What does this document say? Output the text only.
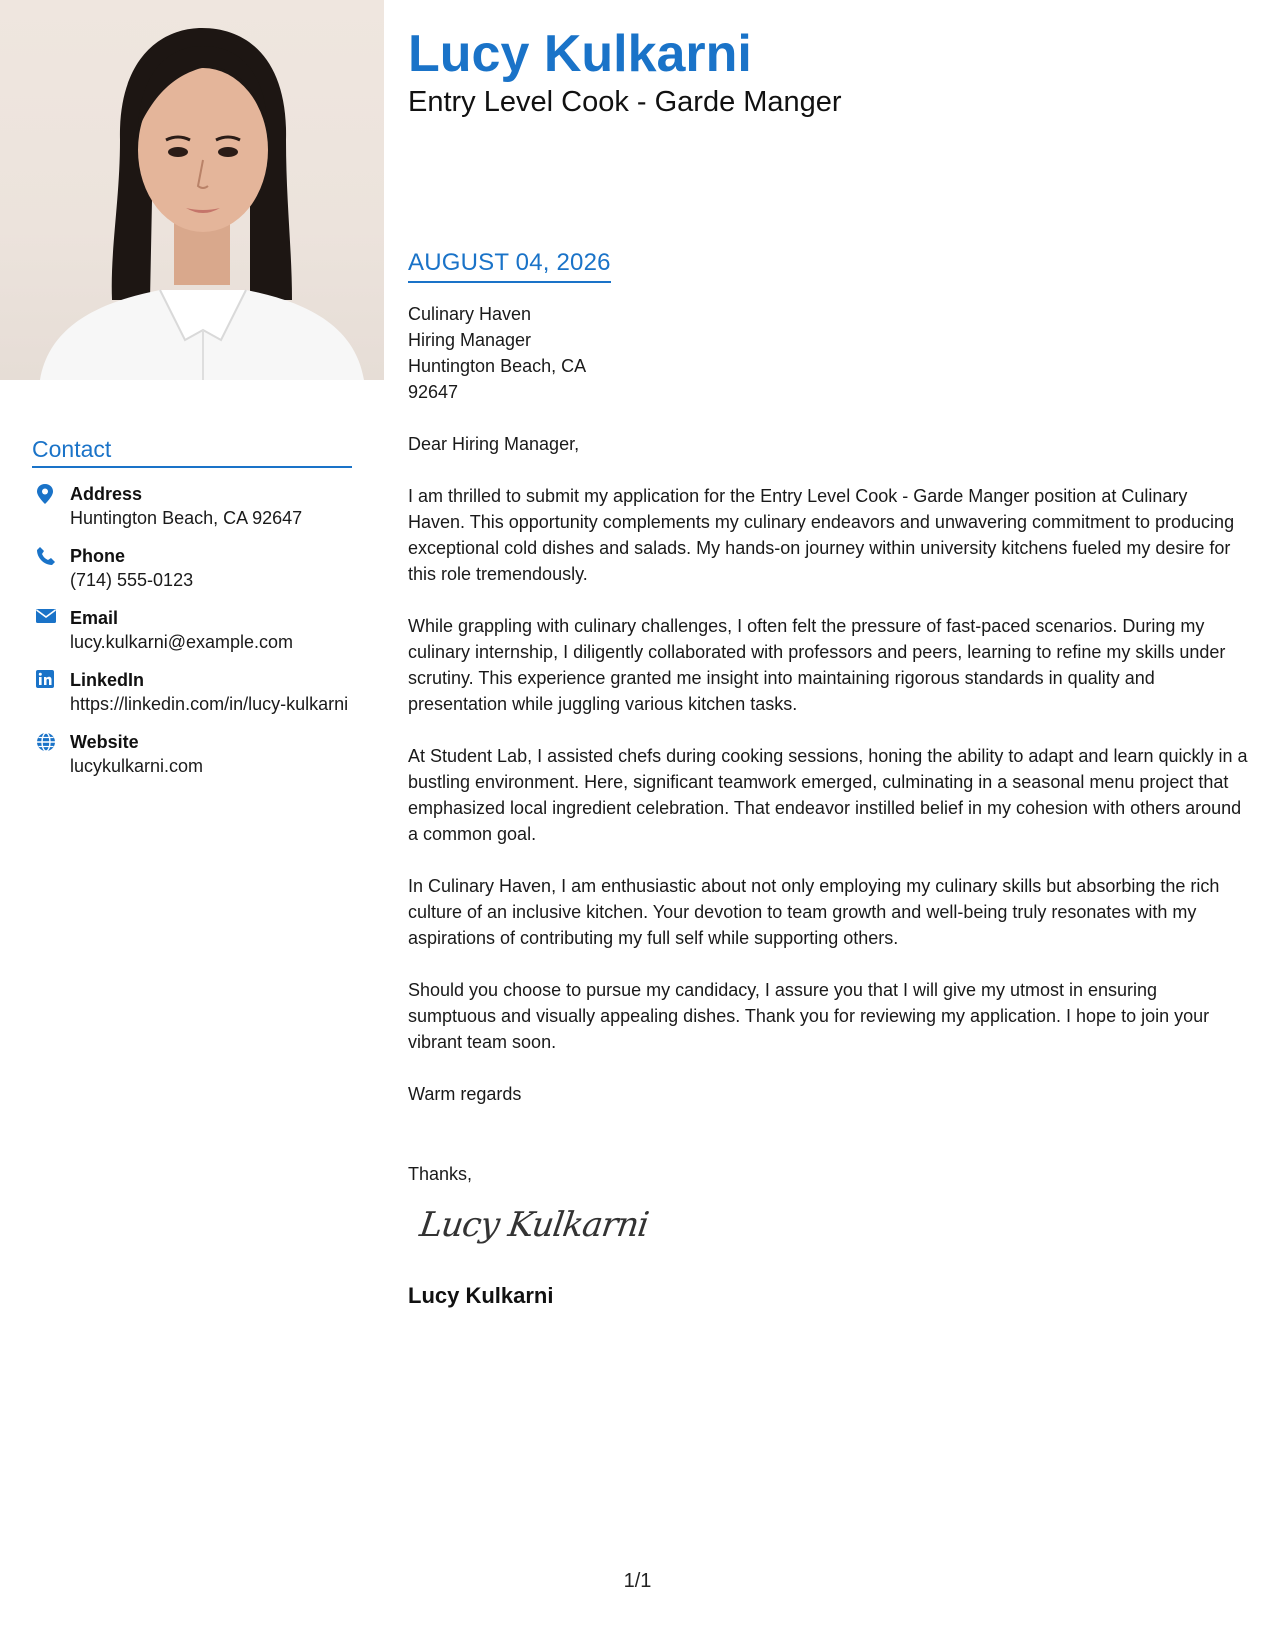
Contact
Address
Huntington Beach, CA 92647
Phone
(714) 555-0123
Email
lucy.kulkarni@example.com
LinkedIn
https://linkedin.com/in/lucy-kulkarni
Website
lucykulkarni.com
Lucy Kulkarni
Entry Level Cook - Garde Manger
AUGUST 04, 2026
Culinary Haven
Hiring Manager
Huntington Beach, CA
92647
Dear Hiring Manager,
I am thrilled to submit my application for the Entry Level Cook - Garde Manger position at Culinary Haven. This opportunity complements my culinary endeavors and unwavering commitment to producing exceptional cold dishes and salads. My hands-on journey within university kitchens fueled my desire for this role tremendously.
While grappling with culinary challenges, I often felt the pressure of fast-paced scenarios. During my culinary internship, I diligently collaborated with professors and peers, learning to refine my skills under scrutiny. This experience granted me insight into maintaining rigorous standards in quality and presentation while juggling various kitchen tasks.
At Student Lab, I assisted chefs during cooking sessions, honing the ability to adapt and learn quickly in a bustling environment. Here, significant teamwork emerged, culminating in a seasonal menu project that emphasized local ingredient celebration. That endeavor instilled belief in my cohesion with others around a common goal.
In Culinary Haven, I am enthusiastic about not only employing my culinary skills but absorbing the rich culture of an inclusive kitchen. Your devotion to team growth and well-being truly resonates with my aspirations of contributing my full self while supporting others.
Should you choose to pursue my candidacy, I assure you that I will give my utmost in ensuring sumptuous and visually appealing dishes. Thank you for reviewing my application. I hope to join your vibrant team soon.
Warm regards
Thanks,
Lucy Kulkarni
Lucy Kulkarni
1/1
